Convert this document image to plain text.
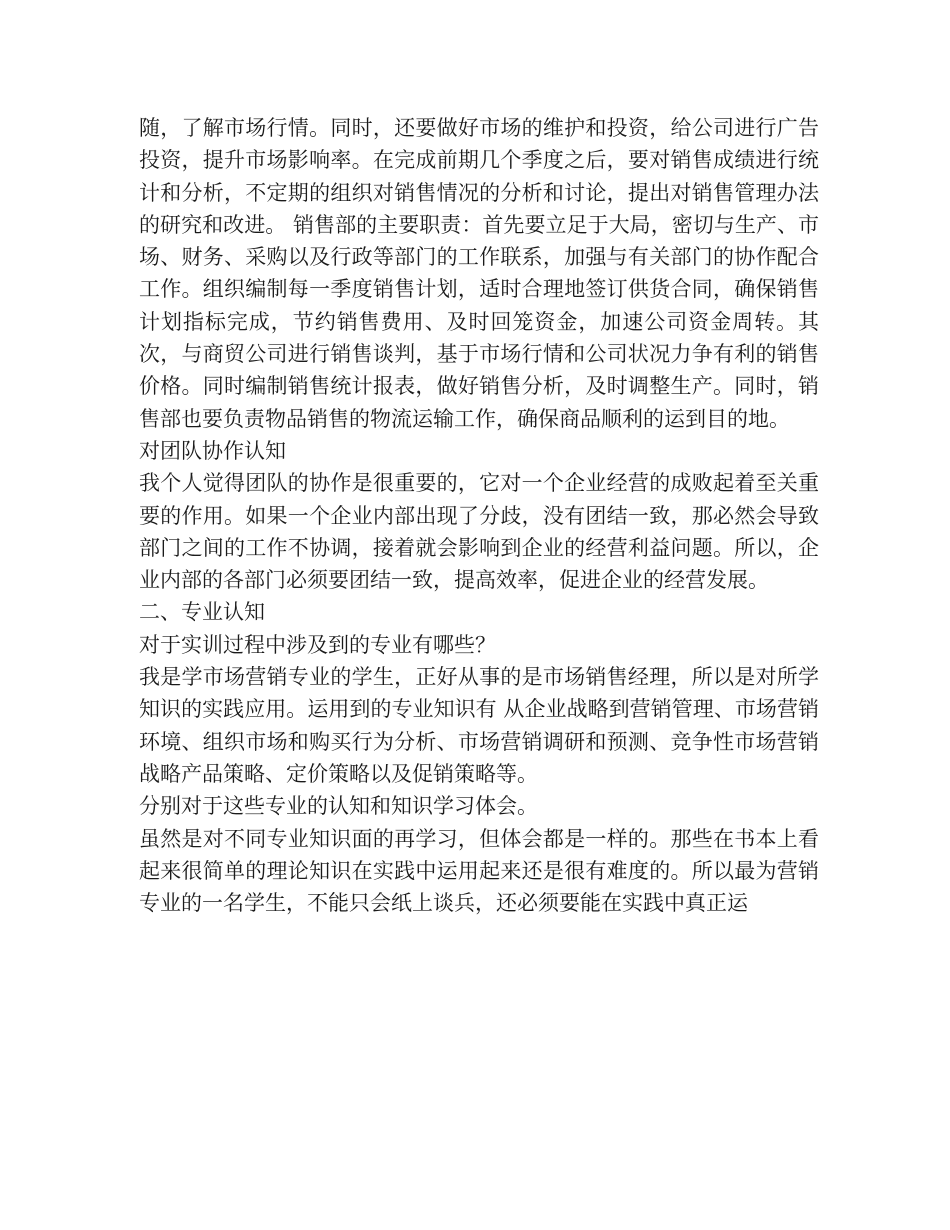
随，了解市场行情。同时，还要做好市场的维护和投资，给公司进行广告投资，提升市场影响率。在完成前期几个季度之后，要对销售成绩进行统计和分析，不定期的组织对销售情况的分析和讨论，提出对销售管理办法的研究和改进。 销售部的主要职责：首先要立足于大局，密切与生产、市场、财务、采购以及行政等部门的工作联系，加强与有关部门的协作配合工作。组织编制每一季度销售计划，适时合理地签订供货合同，确保销售计划指标完成，节约销售费用、及时回笼资金，加速公司资金周转。其次，与商贸公司进行销售谈判，基于市场行情和公司状况力争有利的销售价格。同时编制销售统计报表，做好销售分析，及时调整生产。同时，销售部也要负责物品销售的物流运输工作，确保商品顺利的运到目的地。

对团队协作认知

我个人觉得团队的协作是很重要的，它对一个企业经营的成败起着至关重要的作用。如果一个企业内部出现了分歧，没有团结一致，那必然会导致部门之间的工作不协调，接着就会影响到企业的经营利益问题。所以，企业内部的各部门必须要团结一致，提高效率，促进企业的经营发展。

二、专业认知

对于实训过程中涉及到的专业有哪些？

我是学市场营销专业的学生，正好从事的是市场销售经理，所以是对所学知识的实践应用。运用到的专业知识有 从企业战略到营销管理、市场营销环境、组织市场和购买行为分析、市场营销调研和预测、竞争性市场营销战略产品策略、定价策略以及促销策略等。

分别对于这些专业的认知和知识学习体会。

虽然是对不同专业知识面的再学习，但体会都是一样的。那些在书本上看起来很简单的理论知识在实践中运用起来还是很有难度的。所以最为营销专业的一名学生，不能只会纸上谈兵，还必须要能在实践中真正运
